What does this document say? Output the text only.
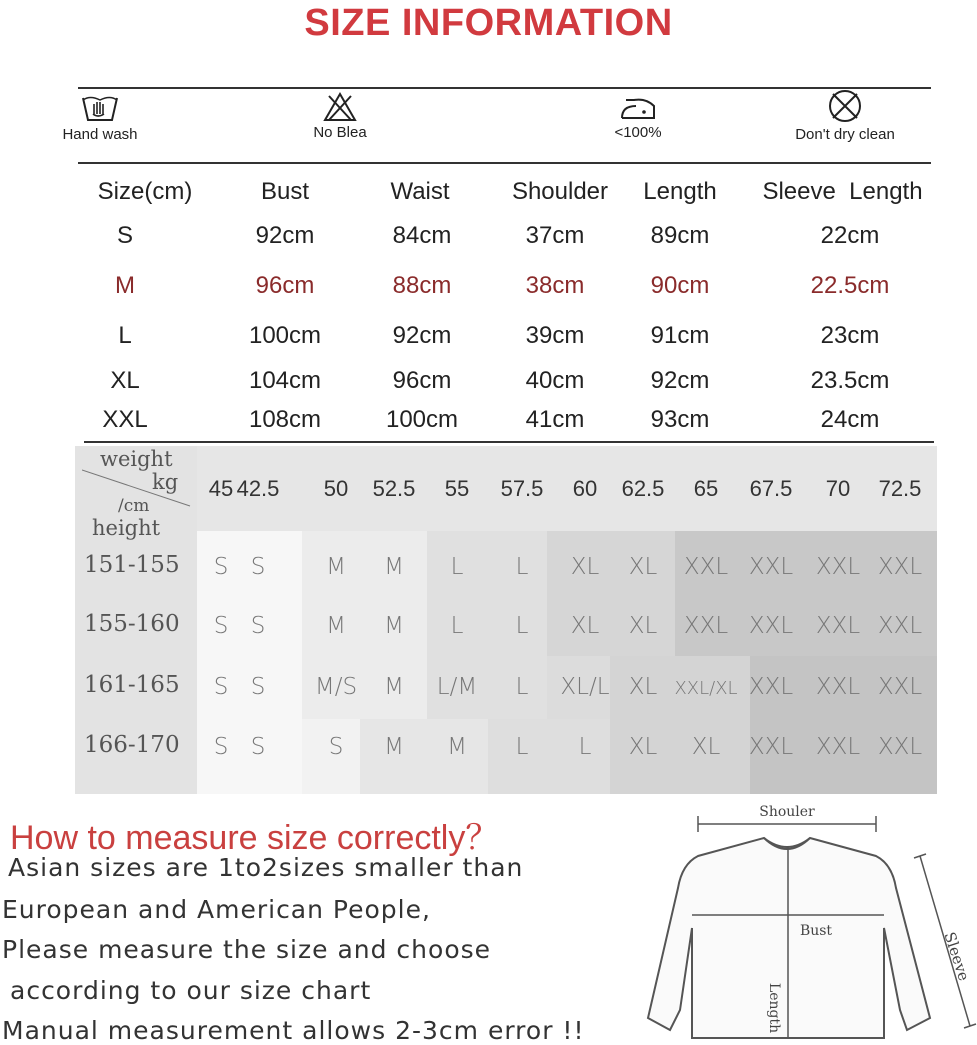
SIZE INFORMATION
Hand wash	No Blea	<100%	Don't dry clean
Size(cm)	Bust	Waist	Shoulder	Length	Sleeve  Length
S	92cm	84cm	37cm	89cm	22cm
M	96cm	88cm	38cm	90cm	22.5cm
L	100cm	92cm	39cm	91cm	23cm
XL	104cm	96cm	40cm	92cm	23.5cm
XXL	108cm	100cm	41cm	93cm	24cm
weight
kg
/cm
height
45 42.5	50	52.5	55	57.5	60	62.5	65	67.5	70	72.5
151-155	S S	M	M	L	L	XL	XL	XXL XXL XXL XXL
155-160	S S	M	M	L	L	XL	XL	XXL XXL XXL XXL
161-165	S S	M/S	M	L/M	L	XL/L XL XXL/XL XXL XXL XXL
166-170	S S	S	M	M	L	L	XL	XL	XXL XXL XXL
How to measure size correctly？
Asian sizes are 1to2sizes smaller than
European and American People,
Please measure the size and choose
according to our size chart
Manual measurement allows 2-3cm error !!
Shouler
Bust
Length
Sleeve
